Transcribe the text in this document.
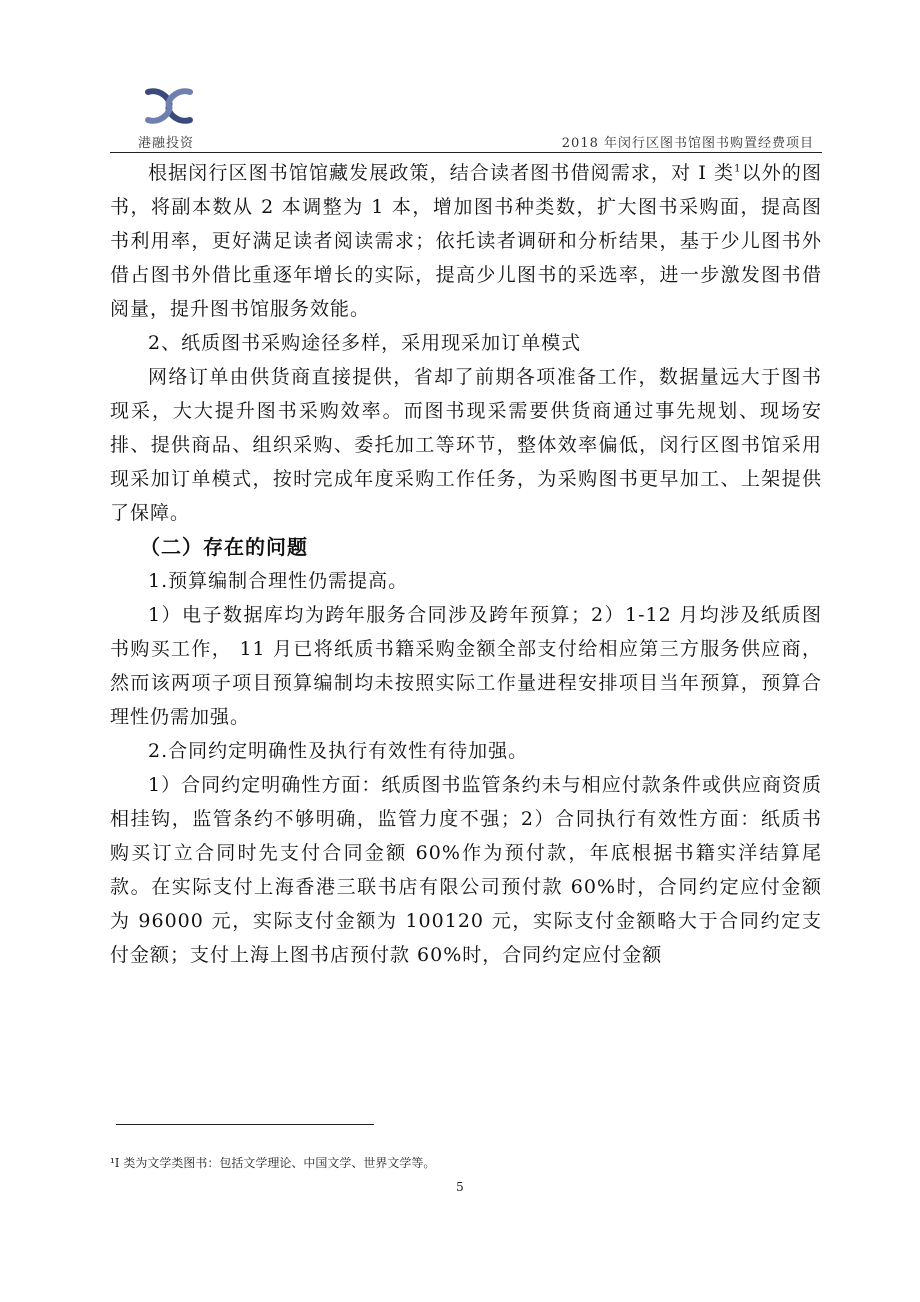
港融投资	2018 年闵行区图书馆图书购置经费项目

根据闵行区图书馆馆藏发展政策，结合读者图书借阅需求，对 I 类$^1$以外的图书，将副本数从 2 本调整为 1 本，增加图书种类数，扩大图书采购面，提高图书利用率，更好满足读者阅读需求；依托读者调研和分析结果，基于少儿图书外借占图书外借比重逐年增长的实际，提高少儿图书的采选率，进一步激发图书借阅量，提升图书馆服务效能。

2、纸质图书采购途径多样，采用现采加订单模式

网络订单由供货商直接提供，省却了前期各项准备工作，数据量远大于图书现采，大大提升图书采购效率。而图书现采需要供货商通过事先规划、现场安排、提供商品、组织采购、委托加工等环节，整体效率偏低，闵行区图书馆采用现采加订单模式，按时完成年度采购工作任务，为采购图书更早加工、上架提供了保障。

（二）存在的问题

1.预算编制合理性仍需提高。

1）电子数据库均为跨年服务合同涉及跨年预算；2）1-12 月均涉及纸质图书购买工作， 11 月已将纸质书籍采购金额全部支付给相应第三方服务供应商，然而该两项子项目预算编制均未按照实际工作量进程安排项目当年预算，预算合理性仍需加强。

2.合同约定明确性及执行有效性有待加强。

1）合同约定明确性方面：纸质图书监管条约未与相应付款条件或供应商资质相挂钩，监管条约不够明确，监管力度不强；2）合同执行有效性方面：纸质书购买订立合同时先支付合同金额 60%作为预付款，年底根据书籍实洋结算尾款。在实际支付上海香港三联书店有限公司预付款 60%时，合同约定应付金额为 96000 元，实际支付金额为 100120 元，实际支付金额略大于合同约定支付金额；支付上海上图书店预付款 60%时，合同约定应付金额

¹I 类为文学类图书：包括文学理论、中国文学、世界文学等。
5
